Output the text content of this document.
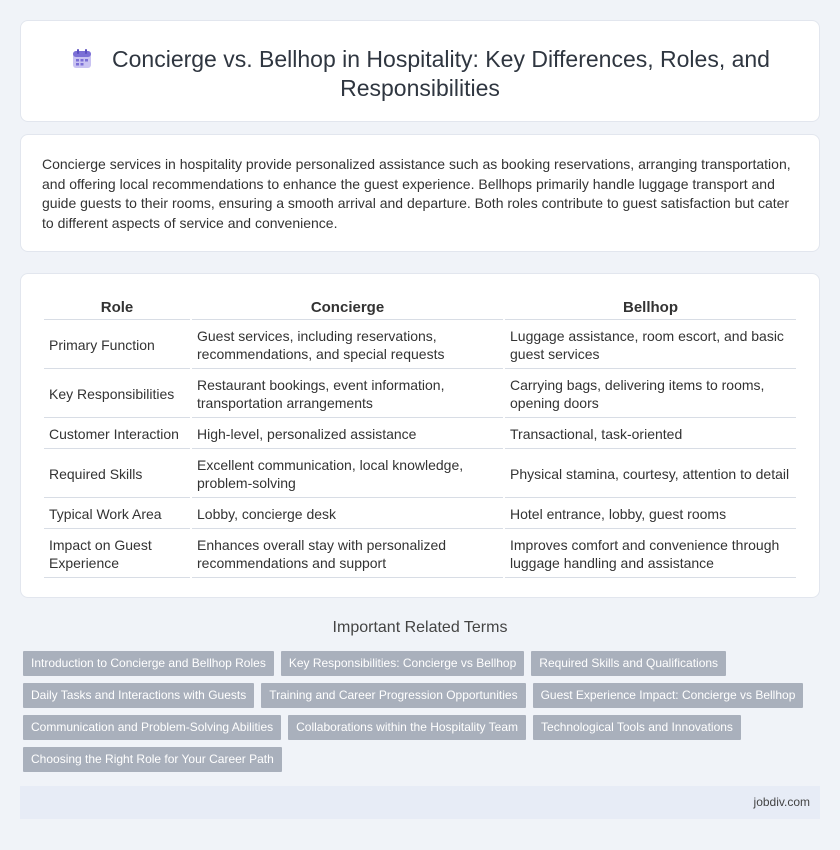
Concierge vs. Bellhop in Hospitality: Key Differences, Roles, and Responsibilities

Concierge services in hospitality provide personalized assistance such as booking reservations, arranging transportation, and offering local recommendations to enhance the guest experience. Bellhops primarily handle luggage transport and guide guests to their rooms, ensuring a smooth arrival and departure. Both roles contribute to guest satisfaction but cater to different aspects of service and convenience.

Role	Concierge	Bellhop
Primary Function	Guest services, including reservations, recommendations, and special requests	Luggage assistance, room escort, and basic guest services
Key Responsibilities	Restaurant bookings, event information, transportation arrangements	Carrying bags, delivering items to rooms, opening doors
Customer Interaction	High-level, personalized assistance	Transactional, task-oriented
Required Skills	Excellent communication, local knowledge, problem-solving	Physical stamina, courtesy, attention to detail
Typical Work Area	Lobby, concierge desk	Hotel entrance, lobby, guest rooms
Impact on Guest Experience	Enhances overall stay with personalized recommendations and support	Improves comfort and convenience through luggage handling and assistance
Important Related Terms
Introduction to Concierge and Bellhop Roles	Key Responsibilities: Concierge vs Bellhop	Required Skills and Qualifications
Daily Tasks and Interactions with Guests	Training and Career Progression Opportunities	Guest Experience Impact: Concierge vs Bellhop
Communication and Problem-Solving Abilities	Collaborations within the Hospitality Team	Technological Tools and Innovations
Choosing the Right Role for Your Career Path
jobdiv.com
